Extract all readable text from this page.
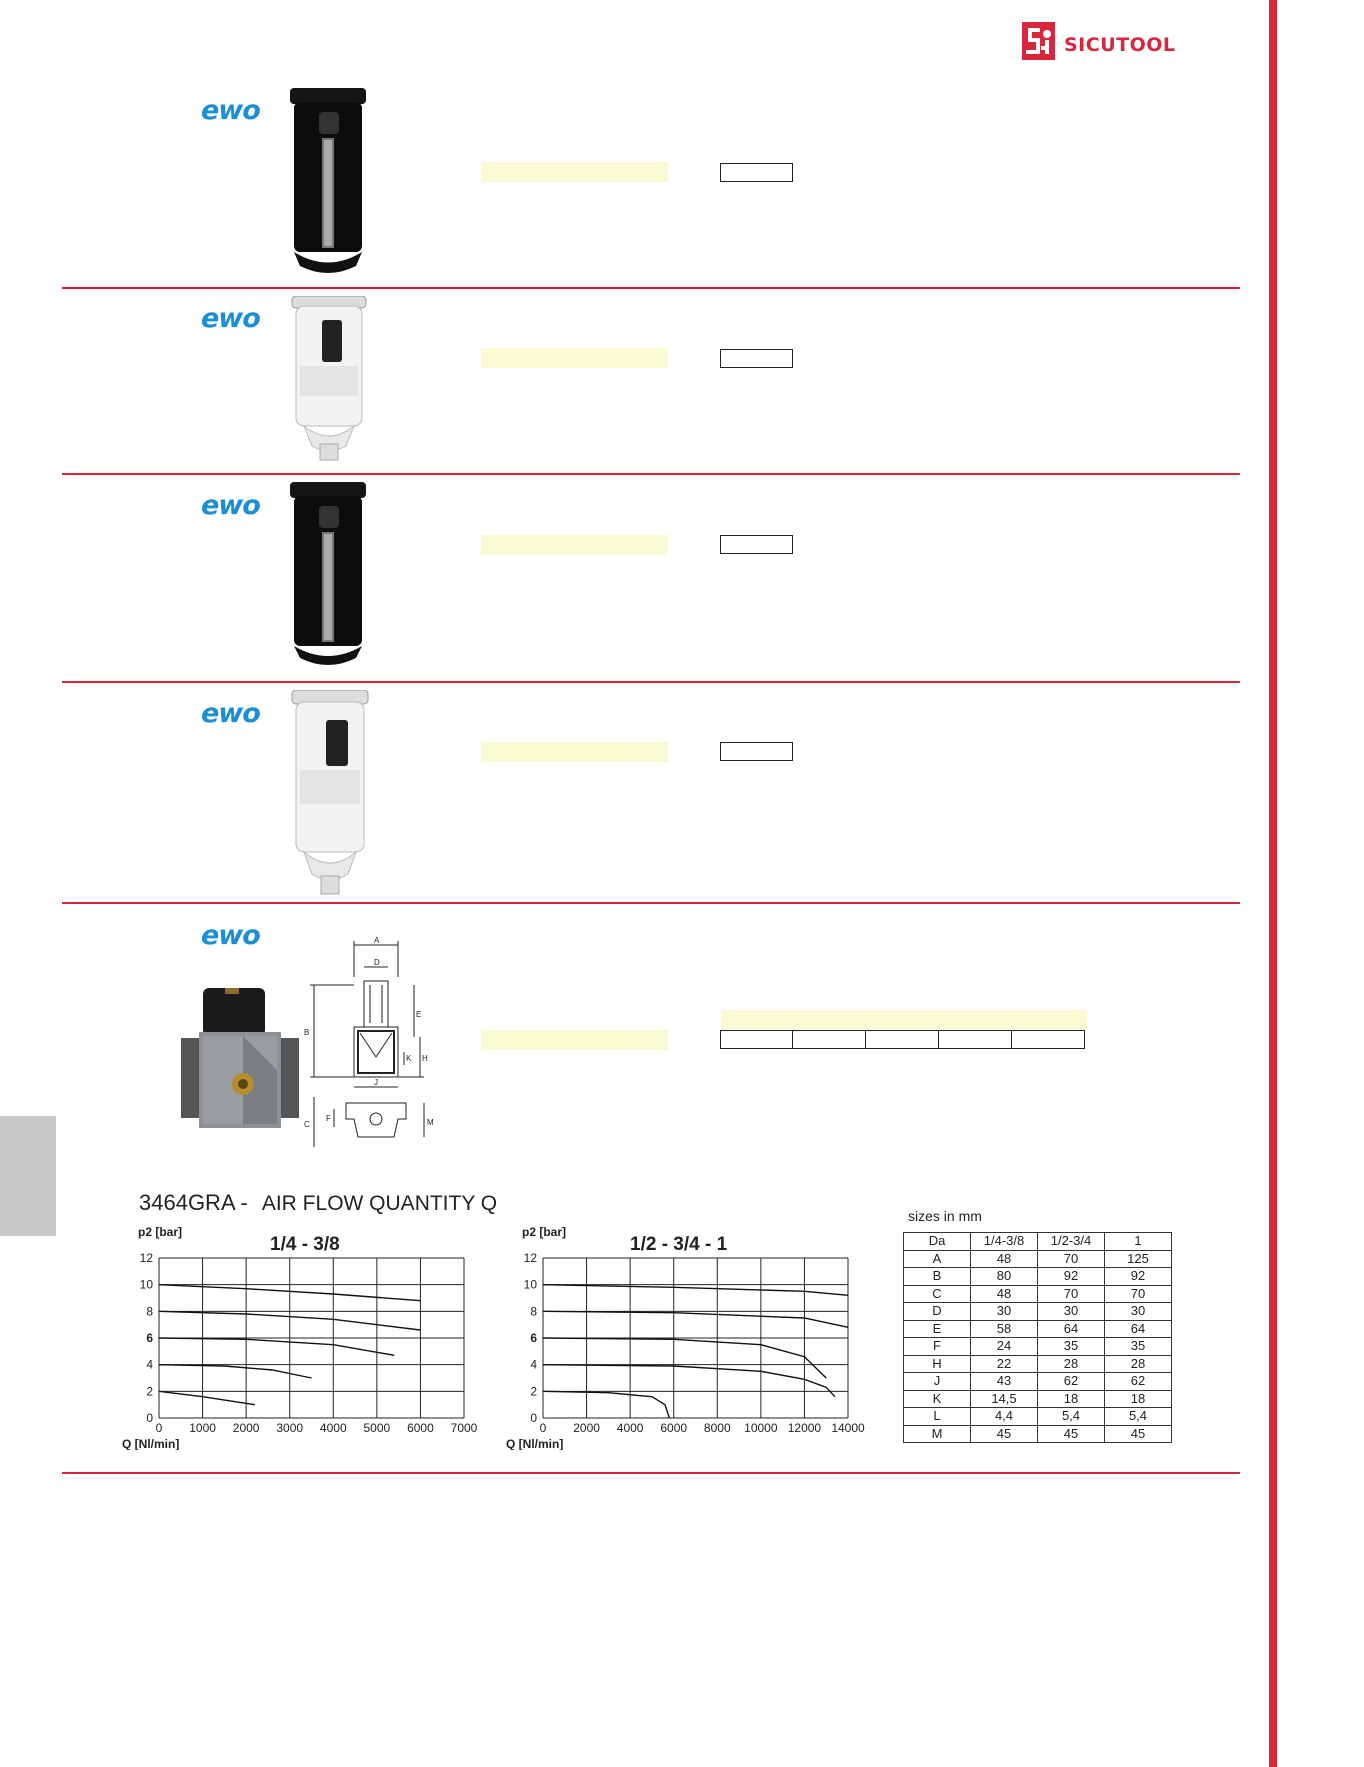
SICUTOOL
ewo
ewo
ewo
ewo
ewo	A
D
B
E
K H
J
C
F	M
3464GRA - AIR FLOW QUANTITY Q
1/4 - 3/8	1/2 - 3/4 - 1
0 1000 2000 3000 4000 5000 6000 7000
0
2
4
6
8
10
12
p2 [bar]
Q [Nl/min]
0 2000 4000 6000 8000 10000 12000 14000
0
2
4
6
8
10
12
p2 [bar]
Q [Nl/min]
sizes in mm
Da	1/4-3/8	1/2-3/4	1
A	48	70	125
B	80	92	92
C	48	70	70
D	30	30	30
E	58	64	64
F	24	35	35
H	22	28	28
J	43	62	62
K	14,5	18	18
L	4,4	5,4	5,4
M	45	45	45
